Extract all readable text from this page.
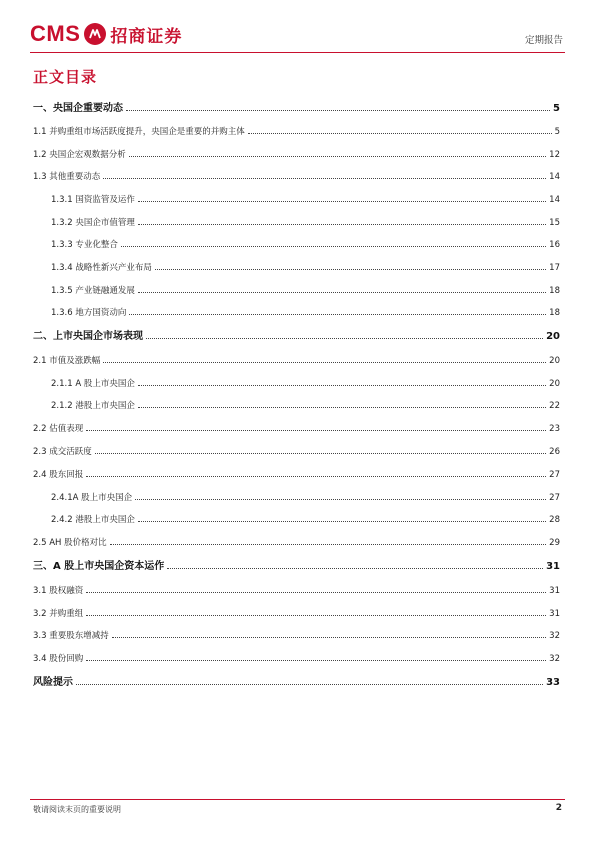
CMS 招商证券	定期报告
正文目录
一、央国企重要动态	5
1.1 并购重组市场活跃度提升，央国企是重要的并购主体	5
1.2 央国企宏观数据分析	12
1.3 其他重要动态	14
1.3.1 国资监管及运作	14
1.3.2 央国企市值管理	15
1.3.3 专业化整合	16
1.3.4 战略性新兴产业布局	17
1.3.5 产业链融通发展	18
1.3.6 地方国资动向	18
二、上市央国企市场表现	20
2.1 市值及涨跌幅	20
2.1.1 A 股上市央国企	20
2.1.2 港股上市央国企	22
2.2 估值表现	23
2.3 成交活跃度	26
2.4 股东回报	27
2.4.1A 股上市央国企	27
2.4.2 港股上市央国企	28
2.5 AH 股价格对比	29
三、A 股上市央国企资本运作	31
3.1 股权融资	31
3.2 并购重组	31
3.3 重要股东增减持	32
3.4 股份回购	32
风险提示	33
敬请阅读末页的重要说明	2
